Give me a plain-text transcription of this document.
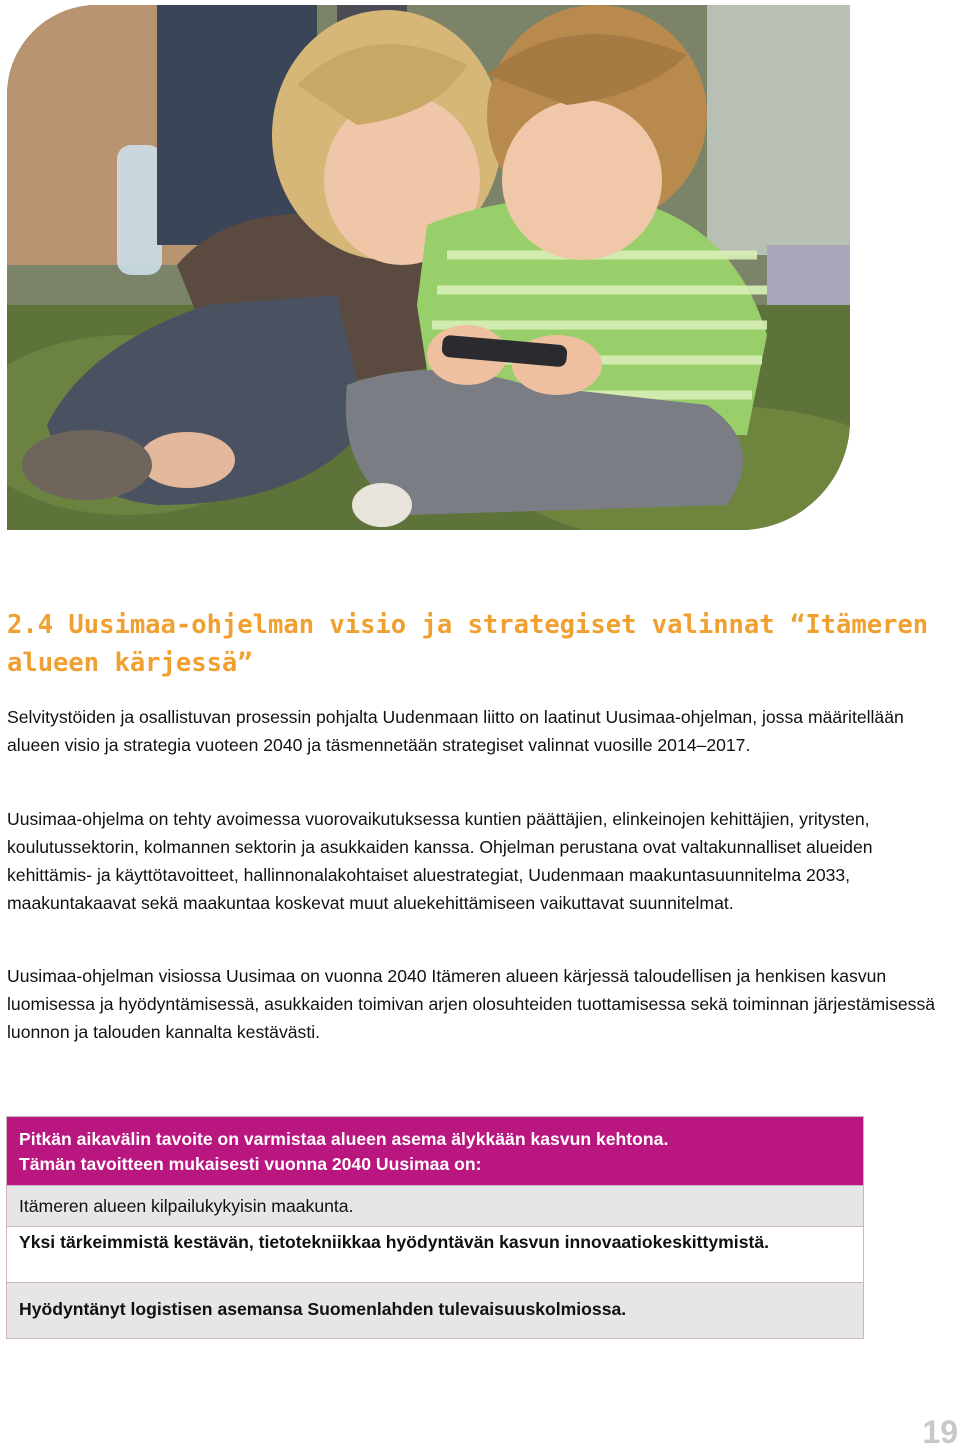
2.4 Uusimaa-ohjelman visio ja strategiset valinnat “Itämeren alueen kärjessä”

Selvitystöiden ja osallistuvan prosessin pohjalta Uudenmaan liitto on laatinut Uusimaa-ohjelman, jossa määritellään alueen visio ja strategia vuoteen 2040 ja täsmennetään strategiset valinnat vuosille 2014–2017.

Uusimaa-ohjelma on tehty avoimessa vuorovaikutuksessa kuntien päättäjien, elinkeinojen kehittäjien, yritysten, koulutussektorin, kolmannen sektorin ja asukkaiden kanssa. Ohjelman perustana ovat valtakunnalliset alueiden kehittämis- ja käyttötavoitteet, hallinnonalakohtaiset aluestrategiat, Uudenmaan maakuntasuunnitelma 2033, maakuntakaavat sekä maakuntaa koskevat muut aluekehittämiseen vaikuttavat suunnitelmat.

Uusimaa-ohjelman visiossa Uusimaa on vuonna 2040 Itämeren alueen kärjessä taloudellisen ja henkisen kasvun luomisessa ja hyödyntämisessä, asukkaiden toimivan arjen olosuhteiden tuottamisessa sekä toiminnan järjestämisessä luonnon ja talouden kannalta kestävästi.

Pitkän aikavälin tavoite on varmistaa alueen asema älykkään kasvun kehtona.
Tämän tavoitteen mukaisesti vuonna 2040 Uusimaa on:
Itämeren alueen kilpailukykyisin maakunta.
Yksi tärkeimmistä kestävän, tietotekniikkaa hyödyntävän kasvun innovaatiokeskittymistä.
Hyödyntänyt logistisen asemansa Suomenlahden tulevaisuuskolmiossa.
19
